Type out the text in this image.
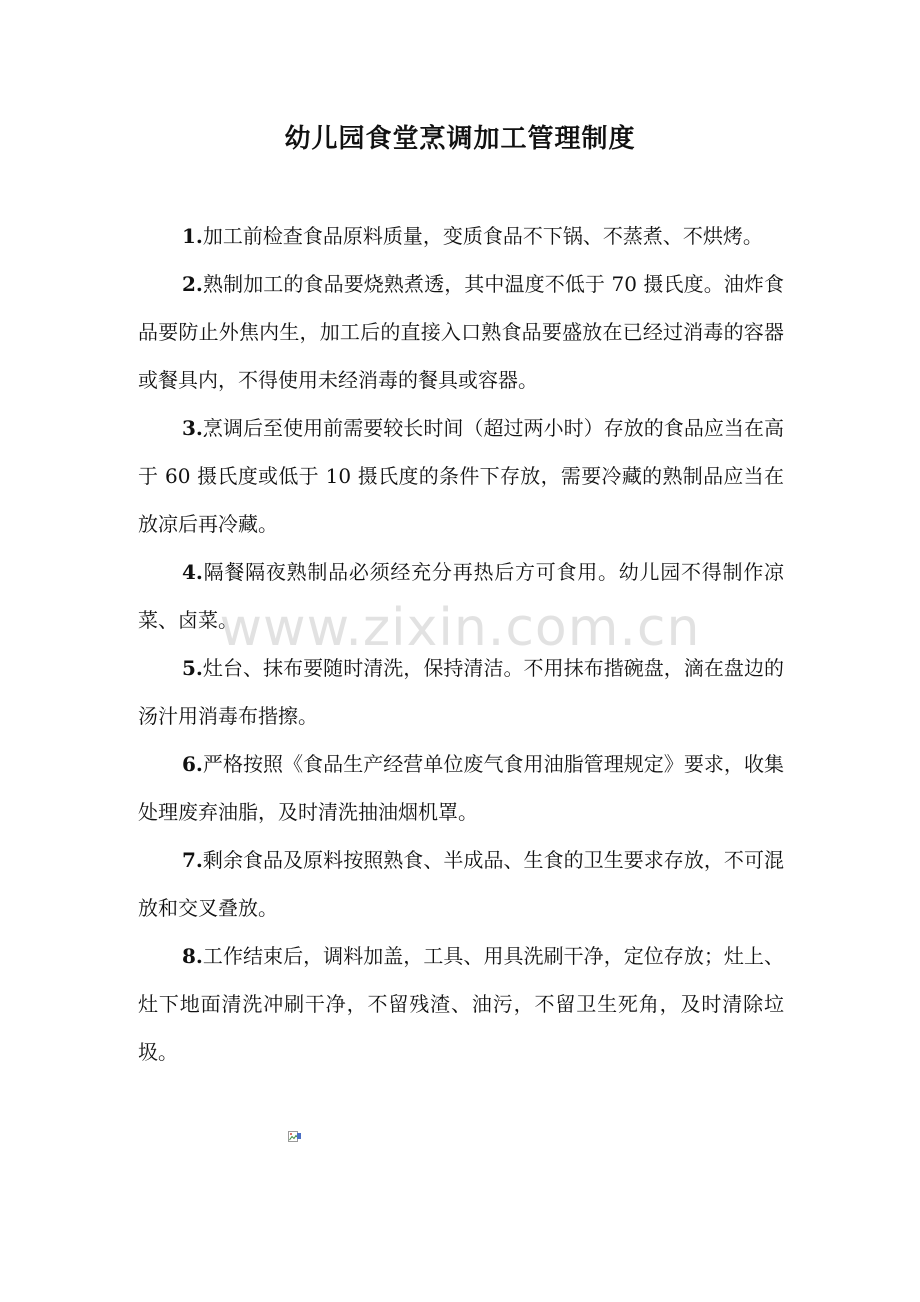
幼儿园食堂烹调加工管理制度

1.加工前检查食品原料质量，变质食品不下锅、不蒸煮、不烘烤。

2.熟制加工的食品要烧熟煮透，其中温度不低于 70 摄氏度。油炸食品要防止外焦内生，加工后的直接入口熟食品要盛放在已经过消毒的容器或餐具内，不得使用未经消毒的餐具或容器。

3.烹调后至使用前需要较长时间（超过两小时）存放的食品应当在高于 60 摄氏度或低于 10 摄氏度的条件下存放，需要冷藏的熟制品应当在放凉后再冷藏。

4.隔餐隔夜熟制品必须经充分再热后方可食用。幼儿园不得制作凉菜、卤菜。

5.灶台、抹布要随时清洗，保持清洁。不用抹布揩碗盘，滴在盘边的汤汁用消毒布揩擦。

6.严格按照《食品生产经营单位废气食用油脂管理规定》要求，收集处理废弃油脂，及时清洗抽油烟机罩。

7.剩余食品及原料按照熟食、半成品、生食的卫生要求存放，不可混放和交叉叠放。

8.工作结束后，调料加盖，工具、用具洗刷干净，定位存放；灶上、灶下地面清洗冲刷干净，不留残渣、油污，不留卫生死角，及时清除垃圾。

www.zixin.com.cn
